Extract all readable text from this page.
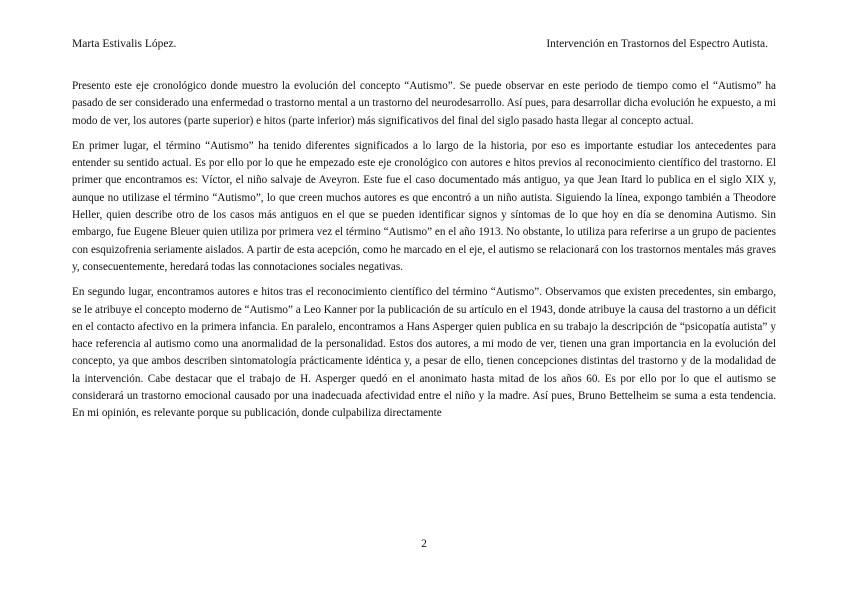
Marta Estivalis López.	Intervención en Trastornos del Espectro Autista.

Presento este eje cronológico donde muestro la evolución del concepto “Autismo”. Se puede observar en este periodo de tiempo como el “Autismo” ha pasado de ser considerado una enfermedad o trastorno mental a un trastorno del neurodesarrollo. Así pues, para desarrollar dicha evolución he expuesto, a mi modo de ver, los autores (parte superior) e hitos (parte inferior) más significativos del final del siglo pasado hasta llegar al concepto actual.

En primer lugar, el término “Autismo” ha tenido diferentes significados a lo largo de la historia, por eso es importante estudiar los antecedentes para entender su sentido actual. Es por ello por lo que he empezado este eje cronológico con autores e hitos previos al reconocimiento científico del trastorno. El primer que encontramos es: Víctor, el niño salvaje de Aveyron. Este fue el caso documentado más antiguo, ya que Jean Itard lo publica en el siglo XIX y, aunque no utilizase el término “Autismo”, lo que creen muchos autores es que encontró a un niño autista. Siguiendo la línea, expongo también a Theodore Heller, quien describe otro de los casos más antiguos en el que se pueden identificar signos y síntomas de lo que hoy en día se denomina Autismo. Sin embargo, fue Eugene Bleuer quien utiliza por primera vez el término “Autismo” en el año 1913. No obstante, lo utiliza para referirse a un grupo de pacientes con esquizofrenia seriamente aislados. A partir de esta acepción, como he marcado en el eje, el autismo se relacionará con los trastornos mentales más graves y, consecuentemente, heredará todas las connotaciones sociales negativas.

En segundo lugar, encontramos autores e hitos tras el reconocimiento científico del término “Autismo”. Observamos que existen precedentes, sin embargo, se le atribuye el concepto moderno de “Autismo” a Leo Kanner por la publicación de su artículo en el 1943, donde atribuye la causa del trastorno a un déficit en el contacto afectivo en la primera infancia. En paralelo, encontramos a Hans Asperger quien publica en su trabajo la descripción de “psicopatía autista” y hace referencia al autismo como una anormalidad de la personalidad. Estos dos autores, a mi modo de ver, tienen una gran importancia en la evolución del concepto, ya que ambos describen sintomatología prácticamente idéntica y, a pesar de ello, tienen concepciones distintas del trastorno y de la modalidad de la intervención. Cabe destacar que el trabajo de H. Asperger quedó en el anonimato hasta mitad de los años 60. Es por ello por lo que el autismo se considerará un trastorno emocional causado por una inadecuada afectividad entre el niño y la madre. Así pues, Bruno Bettelheim se suma a esta tendencia. En mi opinión, es relevante porque su publicación, donde culpabiliza directamente

2
